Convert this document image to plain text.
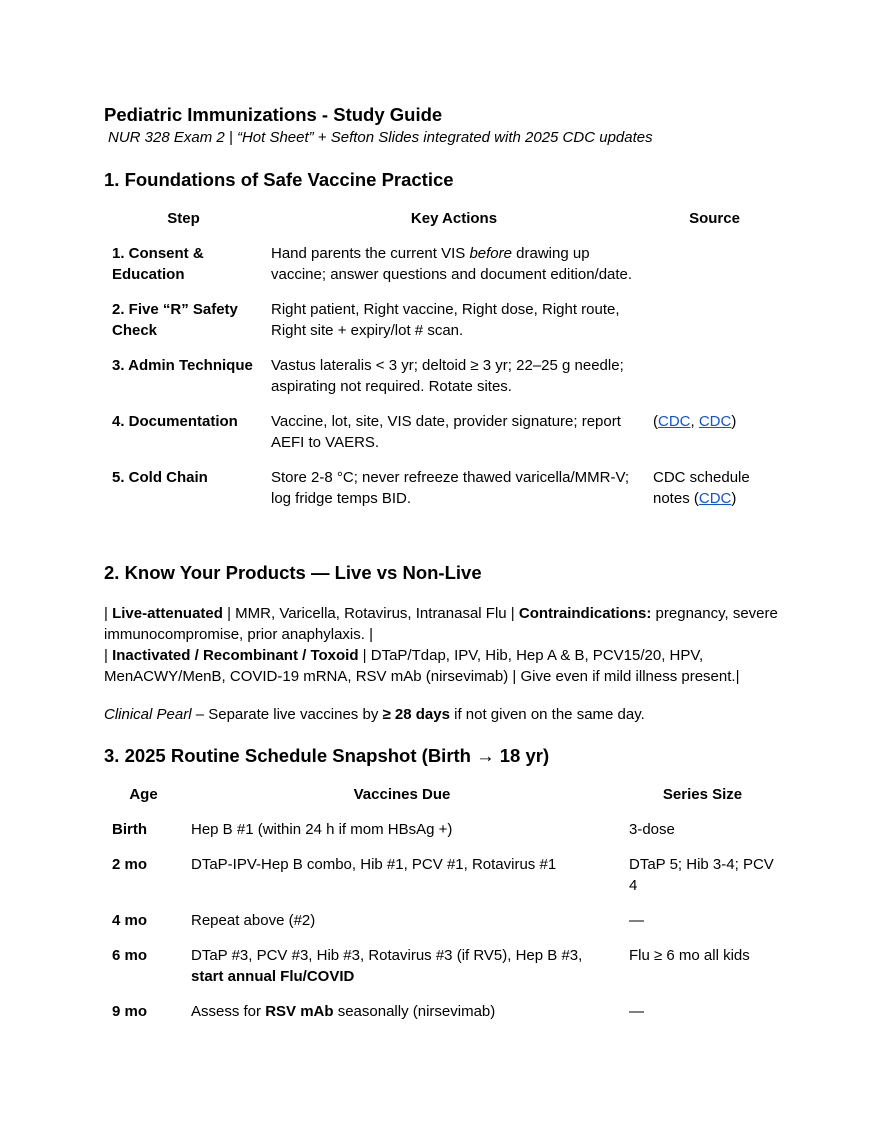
Pediatric Immunizations - Study Guide
NUR 328 Exam 2 | “Hot Sheet” + Sefton Slides integrated with 2025 CDC updates
1. Foundations of Safe Vaccine Practice
Step	Key Actions	Source
1. Consent & Education	Hand parents the current VIS before drawing up vaccine; answer questions and document edition/date.	
2. Five “R” Safety Check	Right patient, Right vaccine, Right dose, Right route, Right site + expiry/lot # scan.	
3. Admin Technique	Vastus lateralis < 3 yr; deltoid ≥ 3 yr; 22–25 g needle; aspirating not required. Rotate sites.	
4. Documentation	Vaccine, lot, site, VIS date, provider signature; report AEFI to VAERS.	(CDC, CDC)
5. Cold Chain	Store 2-8 °C; never refreeze thawed varicella/MMR-V; log fridge temps BID.	CDC schedule notes (CDC)
2. Know Your Products — Live vs Non-Live
| Live-attenuated | MMR, Varicella, Rotavirus, Intranasal Flu | Contraindications: pregnancy, severe immunocompromise, prior anaphylaxis. |
| Inactivated / Recombinant / Toxoid | DTaP/Tdap, IPV, Hib, Hep A & B, PCV15/20, HPV, MenACWY/MenB, COVID-19 mRNA, RSV mAb (nirsevimab) | Give even if mild illness present.|
Clinical Pearl – Separate live vaccines by ≥ 28 days if not given on the same day.
3. 2025 Routine Schedule Snapshot (Birth → 18 yr)
Age	Vaccines Due	Series Size
Birth	Hep B #1 (within 24 h if mom HBsAg +)	3-dose
2 mo	DTaP-IPV-Hep B combo, Hib #1, PCV #1, Rotavirus #1	DTaP 5; Hib 3-4; PCV 4
4 mo	Repeat above (#2)	—
6 mo	DTaP #3, PCV #3, Hib #3, Rotavirus #3 (if RV5), Hep B #3, start annual Flu/COVID	Flu ≥ 6 mo all kids
9 mo	Assess for RSV mAb seasonally (nirsevimab)	—
